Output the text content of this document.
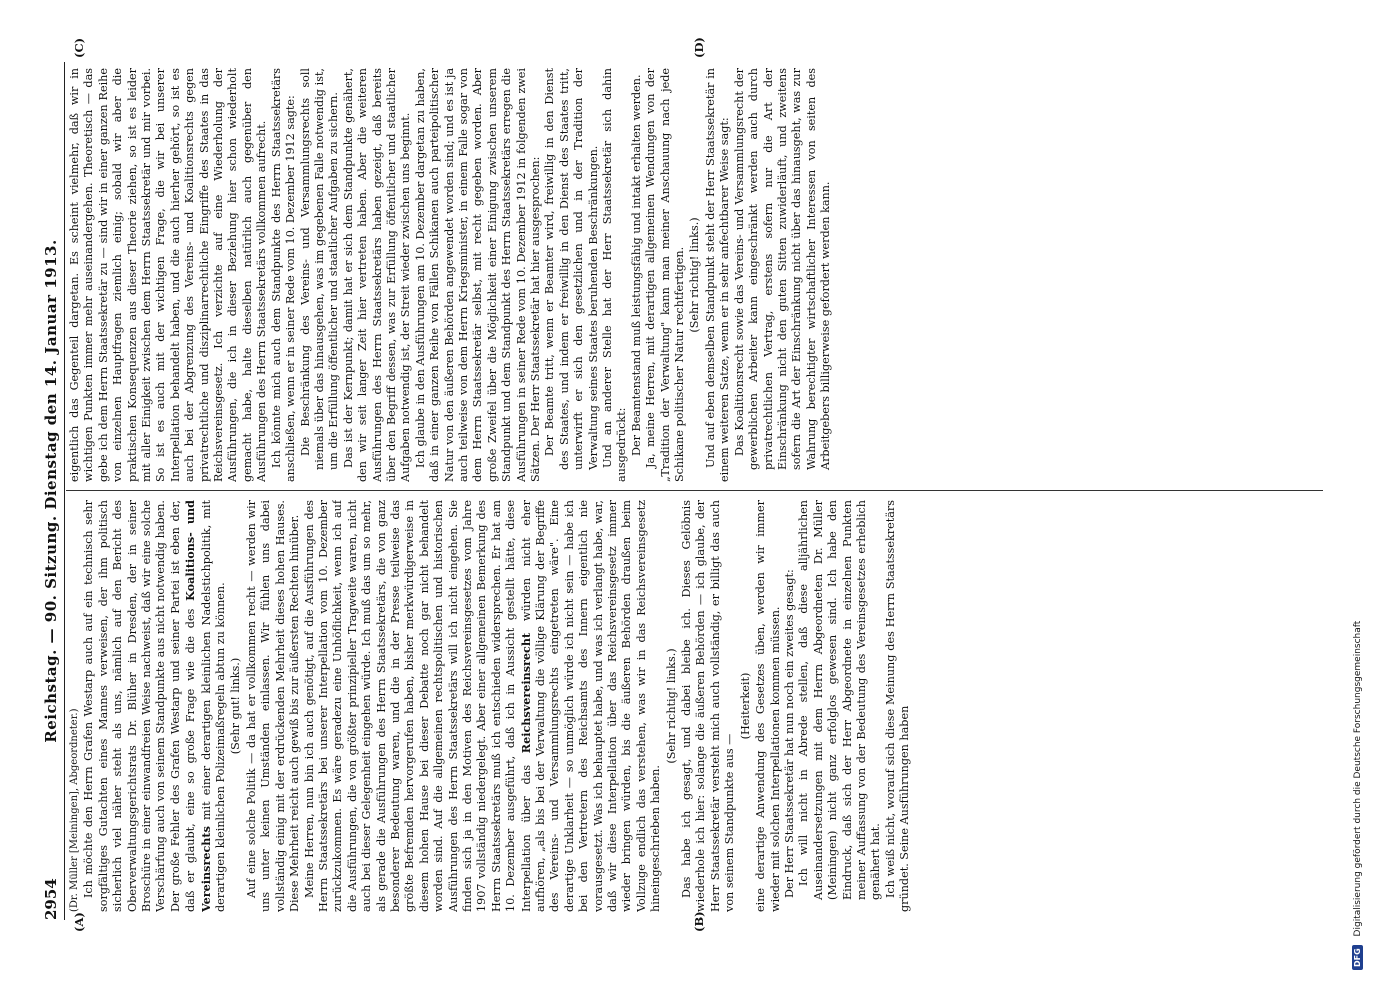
2954
Reichstag. — 90. Sitzung. Dienstag den 14. Januar 1913.
(A)	(B)
(C)	(D)

(Dr. Müller [Meiningen], Abgeordneter.) Ich möchte den Herrn Grafen Westarp auch auf ein technisch sehr sorgfältiges Gutachten eines Mannes verweisen, der ihm politisch sicherlich viel näher steht als uns, nämlich auf den Bericht des Oberverwaltungsgerichtsrats Dr. Blüher in Dresden, der in seiner Broschüre in einer einwandfreien Weise nachweist, daß wir eine solche Verschärfung auch von seinem Standpunkte aus nicht notwendig haben. Der große Fehler des Grafen Westarp und seiner Partei ist eben der, daß er glaubt, eine so große Frage wie die des Koalitions- und Vereinsrechts mit einer derartigen kleinlichen Nadelstichpolitik, mit derartigen kleinlichen Polizeimaßregeln abtun zu können. (Sehr gut! links.) Auf eine solche Politik — da hat er vollkommen recht — werden wir uns unter keinen Umständen einlassen. Wir fühlen uns dabei vollständig einig mit der erdrückenden Mehrheit dieses hohen Hauses. Diese Mehrheit reicht auch gewiß bis zur äußersten Rechten hinüber. Meine Herren, nun bin ich auch genötigt, auf die Ausführungen des Herrn Staatssekretärs bei unserer Interpellation vom 10. Dezember zurückzukommen. Es wäre geradezu eine Unhöflichkeit, wenn ich auf die Ausführungen, die von größter prinzipieller Tragweite waren, nicht auch bei dieser Gelegenheit eingehen würde. Ich muß das um so mehr, als gerade die Ausführungen des Herrn Staatssekretärs, die von ganz besonderer Bedeutung waren, und die in der Presse teilweise das größte Befremden hervorgerufen haben, bisher merkwürdigerweise in diesem hohen Hause bei dieser Debatte noch gar nicht behandelt worden sind. Auf die allgemeinen rechtspolitischen und historischen Ausführungen des Herrn Staatssekretärs will ich nicht eingehen. Sie finden sich ja in den Motiven des Reichsvereinsgesetzes vom Jahre 1907 vollständig niedergelegt. Aber einer allgemeinen Bemerkung des Herrn Staatssekretärs muß ich entschieden widersprechen. Er hat am 10. Dezember ausgeführt, daß ich in Aussicht gestellt hätte, diese Interpellation über das Reichsvereinsrecht würden nicht eher aufhören, „als bis bei der Verwaltung die völlige Klärung der Begriffe des Vereins- und Versammlungsrechts eingetreten wäre". Eine derartige Unklarheit — so unmöglich würde ich nicht sein — habe ich bei den Vertretern des Reichsamts des Innern eigentlich nie vorausgesetzt. Was ich behauptet habe, und was ich verlangt habe, war, daß wir diese Interpellation über das Reichsvereinsgesetz immer wieder bringen würden, bis die äußeren Behörden draußen beim Vollzuge endlich das verstehen, was wir in das Reichsvereinsgesetz hineingeschrieben haben.

(Sehr richtig! links.) Das habe ich gesagt, und dabei bleibe ich. Dieses Gelöbnis wiederhole ich hier: solange die äußeren Behörden — ich glaube, der Herr Staatssekretär versteht mich auch vollständig, er billigt das auch von seinem Standpunkte aus —

(Heiterkeit) eine derartige Anwendung des Gesetzes üben, werden wir immer wieder mit solchen Interpellationen kommen müssen. Der Herr Staatssekretär hat nun noch ein zweites gesagt: Ich will nicht in Abrede stellen, daß diese alljährlichen Auseinandersetzungen mit dem Herrn Abgeordneten Dr. Müller (Meiningen) nicht ganz erfolglos gewesen sind. Ich habe den Eindruck, daß sich der Herr Abgeordnete in einzelnen Punkten meiner Auffassung von der Bedeutung des Vereinsgesetzes erheblich genähert hat. Ich weiß nicht, worauf sich diese Meinung des Herrn Staatssekretärs gründet. Seine Ausführungen haben

eigentlich das Gegenteil dargetan. Es scheint vielmehr, daß wir in wichtigen Punkten immer mehr auseinandergehen. Theoretisch — das gebe ich dem Herrn Staatssekretär zu — sind wir in einer ganzen Reihe von einzelnen Hauptfragen ziemlich einig; sobald wir aber die praktischen Konsequenzen aus dieser Theorie ziehen, so ist es leider mit aller Einigkeit zwischen dem Herrn Staatssekretär und mir vorbei. So ist es auch mit der wichtigen Frage, die wir bei unserer Interpellation behandelt haben, und die auch hierher gehört, so ist es auch bei der Abgrenzung des Vereins- und Koalitionsrechts gegen privatrechtliche und disziplinarrechtliche Eingriffe des Staates in das Reichsvereinsgesetz. Ich verzichte auf eine Wiederholung der Ausführungen, die ich in dieser Beziehung hier schon wiederholt gemacht habe, halte dieselben natürlich auch gegenüber den Ausführungen des Herrn Staatssekretärs vollkommen aufrecht. Ich könnte mich auch dem Standpunkte des Herrn Staatssekretärs anschließen, wenn er in seiner Rede vom 10. Dezember 1912 sagte: Die Beschränkung des Vereins- und Versammlungsrechts soll niemals über das hinausgehen, was im gegebenen Falle notwendig ist, um die Erfüllung öffentlicher und staatlicher Aufgaben zu sichern. Das ist der Kernpunkt; damit hat er sich dem Standpunkte genähert, den wir seit langer Zeit hier vertreten haben. Aber die weiteren Ausführungen des Herrn Staatssekretärs haben gezeigt, daß bereits über den Begriff dessen, was zur Erfüllung öffentlicher und staatlicher Aufgaben notwendig ist, der Streit wieder zwischen uns beginnt. Ich glaube in den Ausführungen am 10. Dezember dargetan zu haben, daß in einer ganzen Reihe von Fällen Schikanen auch parteipolitischer Natur von den äußeren Behörden angewendet worden sind; und es ist ja auch teilweise von dem Herrn Kriegsminister, in einem Falle sogar von dem Herrn Staatssekretär selbst, mit recht gegeben worden. Aber große Zweifel über die Möglichkeit einer Einigung zwischen unserem Standpunkt und dem Standpunkt des Herrn Staatssekretärs erregen die Ausführungen in seiner Rede vom 10. Dezember 1912 in folgenden zwei Sätzen. Der Herr Staatssekretär hat hier ausgesprochen: Der Beamte tritt, wenn er Beamter wird, freiwillig in den Dienst des Staates, und indem er freiwillig in den Dienst des Staates tritt, unterwirft er sich den gesetzlichen und in der Tradition der Verwaltung seines Staates beruhenden Beschränkungen. Und an anderer Stelle hat der Herr Staatssekretär sich dahin ausgedrückt: Der Beamtenstand muß leistungsfähig und intakt erhalten werden. Ja, meine Herren, mit derartigen allgemeinen Wendungen von der „Tradition der Verwaltung" kann man meiner Anschauung nach jede Schikane politischer Natur rechtfertigen. (Sehr richtig! links.) Und auf eben demselben Standpunkt steht der Herr Staatssekretär in einem weiteren Satze, wenn er in sehr anfechtbarer Weise sagt: Das Koalitionsrecht sowie das Vereins- und Versammlungsrecht der gewerblichen Arbeiter kann eingeschränkt werden auch durch privatrechtlichen Vertrag, erstens sofern nur die Art der Einschränkung nicht den guten Sitten zuwiderläuft, und zweitens sofern die Art der Einschränkung nicht über das hinausgeht, was zur Wahrung berechtigter wirtschaftlicher Interessen von seiten des Arbeitgebers billigerweise gefordert werden kann.

DFG Digitalisierung gefördert durch die Deutsche Forschungsgemeinschaft
